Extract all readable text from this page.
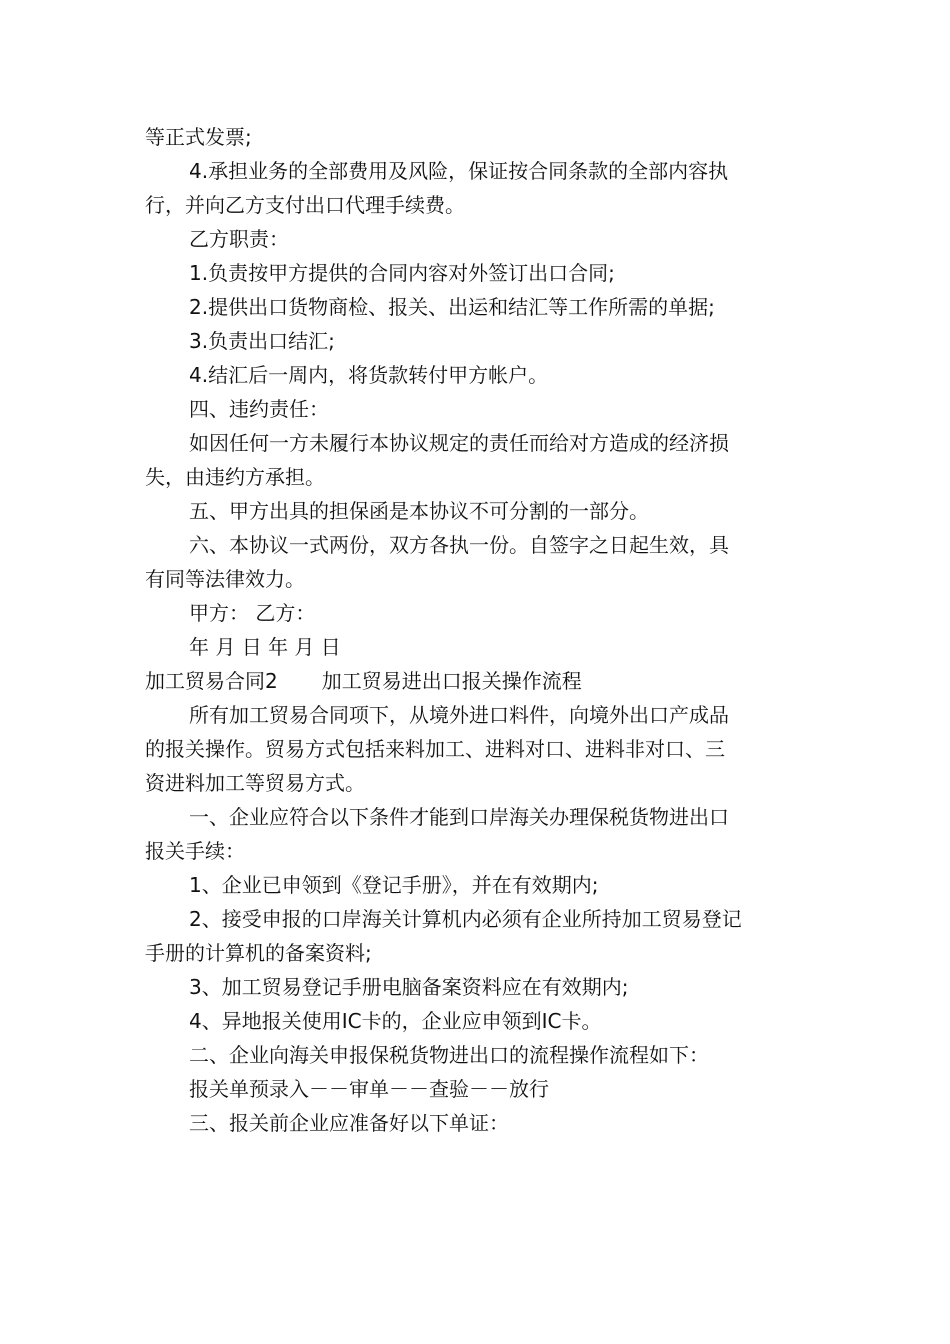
等正式发票;

4.承担业务的全部费用及风险，保证按合同条款的全部内容执

行，并向乙方支付出口代理手续费。

乙方职责：

1.负责按甲方提供的合同内容对外签订出口合同;

2.提供出口货物商检、报关、出运和结汇等工作所需的单据;

3.负责出口结汇;

4.结汇后一周内，将货款转付甲方帐户。

四、违约责任：

如因任何一方未履行本协议规定的责任而给对方造成的经济损

失，由违约方承担。

五、甲方出具的担保函是本协议不可分割的一部分。

六、本协议一式两份，双方各执一份。自签字之日起生效，具

有同等法律效力。

甲方： 乙方：

年 月 日 年 月 日

加工贸易合同2 加工贸易进出口报关操作流程

所有加工贸易合同项下，从境外进口料件，向境外出口产成品

的报关操作。贸易方式包括来料加工、进料对口、进料非对口、三

资进料加工等贸易方式。

一、企业应符合以下条件才能到口岸海关办理保税货物进出口

报关手续：

1、企业已申领到《登记手册》，并在有效期内;

2、接受申报的口岸海关计算机内必须有企业所持加工贸易登记

手册的计算机的备案资料;

3、加工贸易登记手册电脑备案资料应在有效期内;

4、异地报关使用IC卡的，企业应申领到IC卡。

二、企业向海关申报保税货物进出口的流程操作流程如下：

报关单预录入－－审单－－查验－－放行

三、报关前企业应准备好以下单证：
